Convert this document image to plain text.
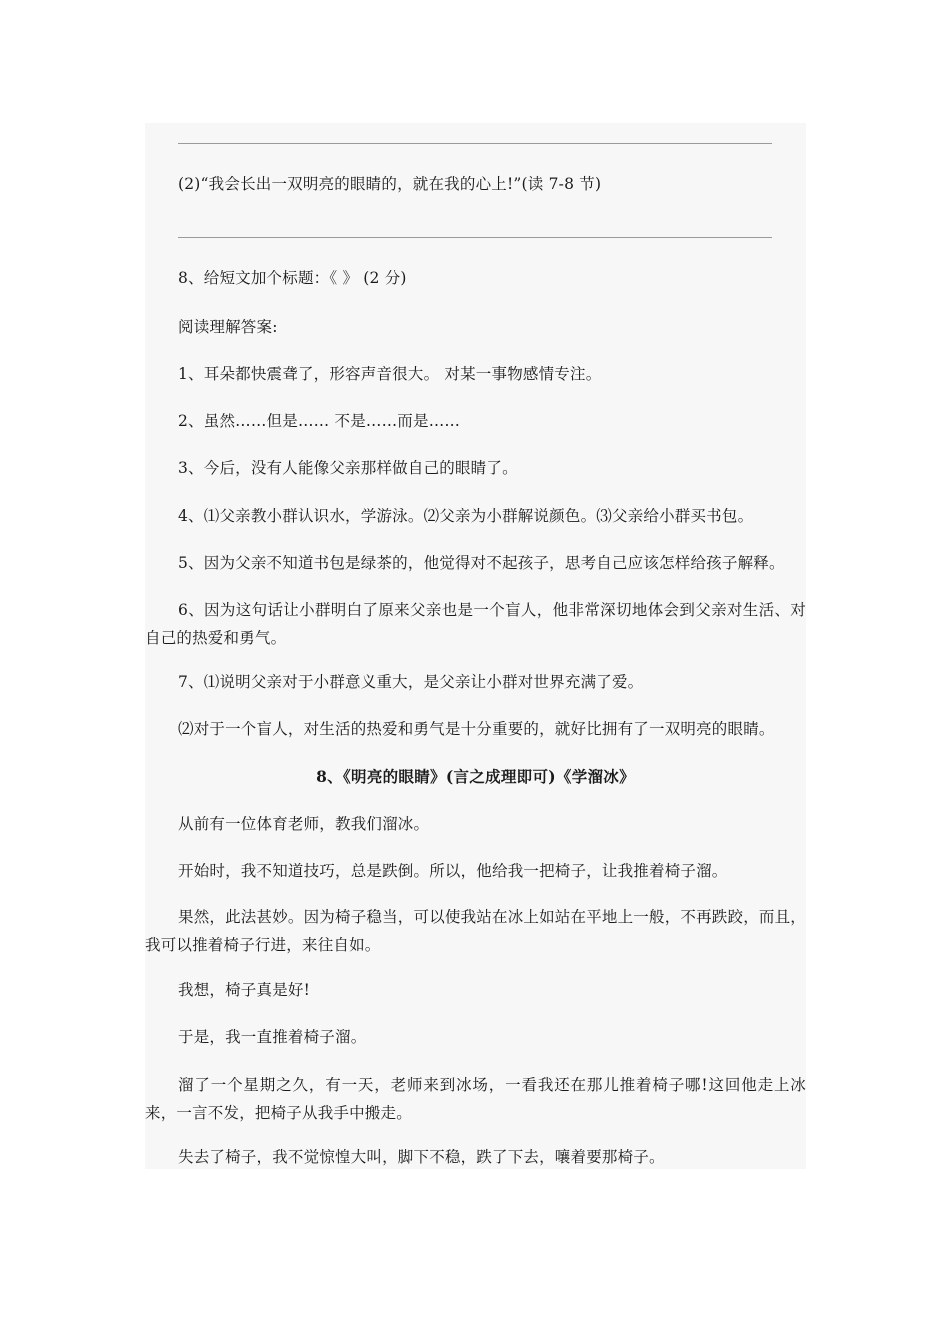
(2)“我会长出一双明亮的眼睛的，就在我的心上!”(读 7-8 节)
8、给短文加个标题：《 》 (2 分)
阅读理解答案:
1、耳朵都快震聋了，形容声音很大。 对某一事物感情专注。
2、虽然……但是…… 不是……而是……
3、今后，没有人能像父亲那样做自己的眼睛了。
4、⑴父亲教小群认识水，学游泳。⑵父亲为小群解说颜色。⑶父亲给小群买书包。
5、因为父亲不知道书包是绿茶的，他觉得对不起孩子，思考自己应该怎样给孩子解释。
6、因为这句话让小群明白了原来父亲也是一个盲人，他非常深切地体会到父亲对生活、对自己的热爱和勇气。
7、⑴说明父亲对于小群意义重大，是父亲让小群对世界充满了爱。
⑵对于一个盲人，对生活的热爱和勇气是十分重要的，就好比拥有了一双明亮的眼睛。
8、《明亮的眼睛》(言之成理即可)《学溜冰》
从前有一位体育老师，教我们溜冰。
开始时，我不知道技巧，总是跌倒。所以，他给我一把椅子，让我推着椅子溜。
果然，此法甚妙。因为椅子稳当，可以使我站在冰上如站在平地上一般，不再跌跤，而且，我可以推着椅子行进，来往自如。
我想，椅子真是好!
于是，我一直推着椅子溜。
溜了一个星期之久，有一天，老师来到冰场，一看我还在那儿推着椅子哪!这回他走上冰来，一言不发，把椅子从我手中搬走。
失去了椅子，我不觉惊惶大叫，脚下不稳，跌了下去，嚷着要那椅子。
